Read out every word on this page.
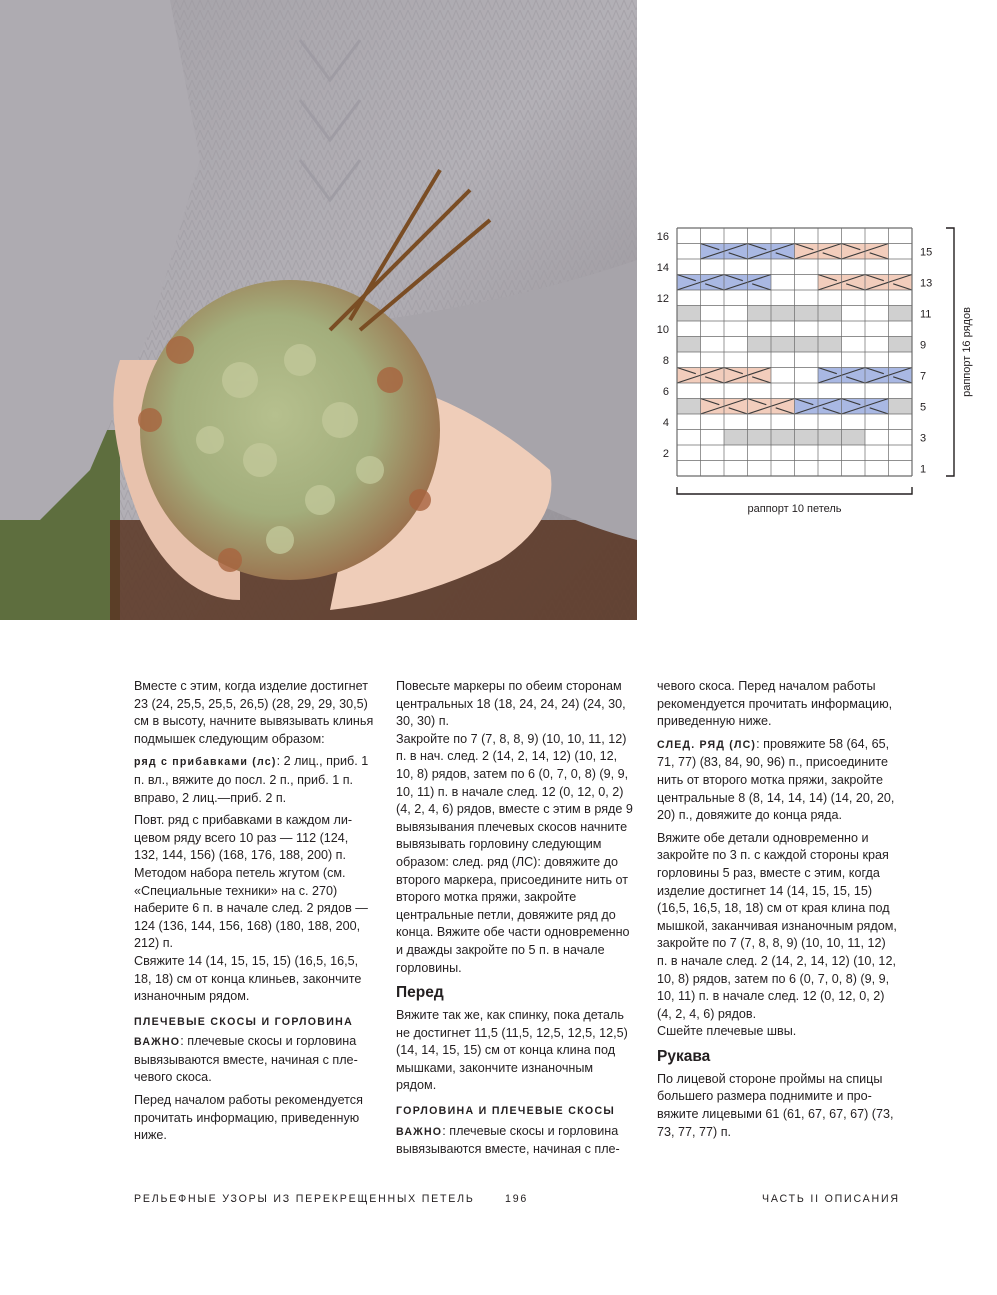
16
14
12
10
8
6
4
2
15
13
11
9
7
5
3
1
раппорт 16 рядов
раппорт 10 петель

Вместе с этим, когда изделие достигнет 23 (24, 25,5, 25,5, 26,5) (28, 29, 29, 30,5) см в высоту, начните вывязывать клинья подмышек следующим образом:

ряд с прибавками (лс): 2 лиц., приб. 1 п. вл., вяжите до посл. 2 п., приб. 1 п. вправо, 2 лиц.—приб. 2 п.

Повт. ряд с прибавками в каждом лицевом ряду всего 10 раз — 112 (124, 132, 144, 156) (168, 176, 188, 200) п. Методом набора петель жгутом (см. «Специальные техники» на с. 270) наберите 6 п. в начале след. 2 рядов — 124 (136, 144, 156, 168) (180, 188, 200, 212) п.

Свяжите 14 (14, 15, 15, 15) (16,5, 16,5, 18, 18) см от конца клиньев, закончите изнаночным рядом.

ПЛЕЧЕВЫЕ СКОСЫ И ГОРЛОВИНА

ВАЖНО: плечевые скосы и горловина вывязываются вместе, начиная с плечевого скоса.

Перед началом работы рекомендуется прочитать информацию, приведенную ниже.

Повесьте маркеры по обеим сторонам центральных 18 (18, 24, 24, 24) (24, 30, 30, 30) п.

Закройте по 7 (7, 8, 8, 9) (10, 10, 11, 12) п. в нач. след. 2 (14, 2, 14, 12) (10, 12, 10, 8) рядов, затем по 6 (0, 7, 0, 8) (9, 9, 10, 11) п. в начале след. 12 (0, 12, 0, 2) (4, 2, 4, 6) рядов, вместе с этим в ряде 9 вывязывания плечевых скосов начните вывязывать горловину следующим образом: след. ряд (ЛС): довяжите до второго маркера, присоедините нить от второго мотка пряжи, закройте центральные петли, довяжите ряд до конца. Вяжите обе части одновременно и дважды закройте по 5 п. в начале горловины.

Перед

Вяжите так же, как спинку, пока деталь не достигнет 11,5 (11,5, 12,5, 12,5, 12,5) (14, 14, 15, 15) см от конца клина под мышками, закончите изнаночным рядом.

ГОРЛОВИНА И ПЛЕЧЕВЫЕ СКОСЫ

ВАЖНО: плечевые скосы и горловина вывязываются вместе, начиная с пле-

чевого скоса. Перед началом работы рекомендуется прочитать информацию, приведенную ниже.

СЛЕД. РЯД (ЛС): провяжите 58 (64, 65, 71, 77) (83, 84, 90, 96) п., присоедините нить от второго мотка пряжи, закройте центральные 8 (8, 14, 14, 14) (14, 20, 20, 20) п., довяжите до конца ряда.

Вяжите обе детали одновременно и закройте по 3 п. с каждой стороны края горловины 5 раз, вместе с этим, когда изделие достигнет 14 (14, 15, 15, 15) (16,5, 16,5, 18, 18) см от края клина под мышкой, заканчивая изнаночным рядом, закройте по 7 (7, 8, 8, 9) (10, 10, 11, 12) п. в начале след. 2 (14, 2, 14, 12) (10, 12, 10, 8) рядов, затем по 6 (0, 7, 0, 8) (9, 9, 10, 11) п. в начале след. 12 (0, 12, 0, 2) (4, 2, 4, 6) рядов.

Сшейте плечевые швы.

Рукава

По лицевой стороне проймы на спицы большего размера поднимите и провяжите лицевыми 61 (61, 67, 67, 67) (73, 73, 77, 77) п.

РЕЛЬЕФНЫЕ УЗОРЫ ИЗ ПЕРЕКРЕЩЕННЫХ ПЕТЕЛЬ	196	ЧАСТЬ II ОПИСАНИЯ
